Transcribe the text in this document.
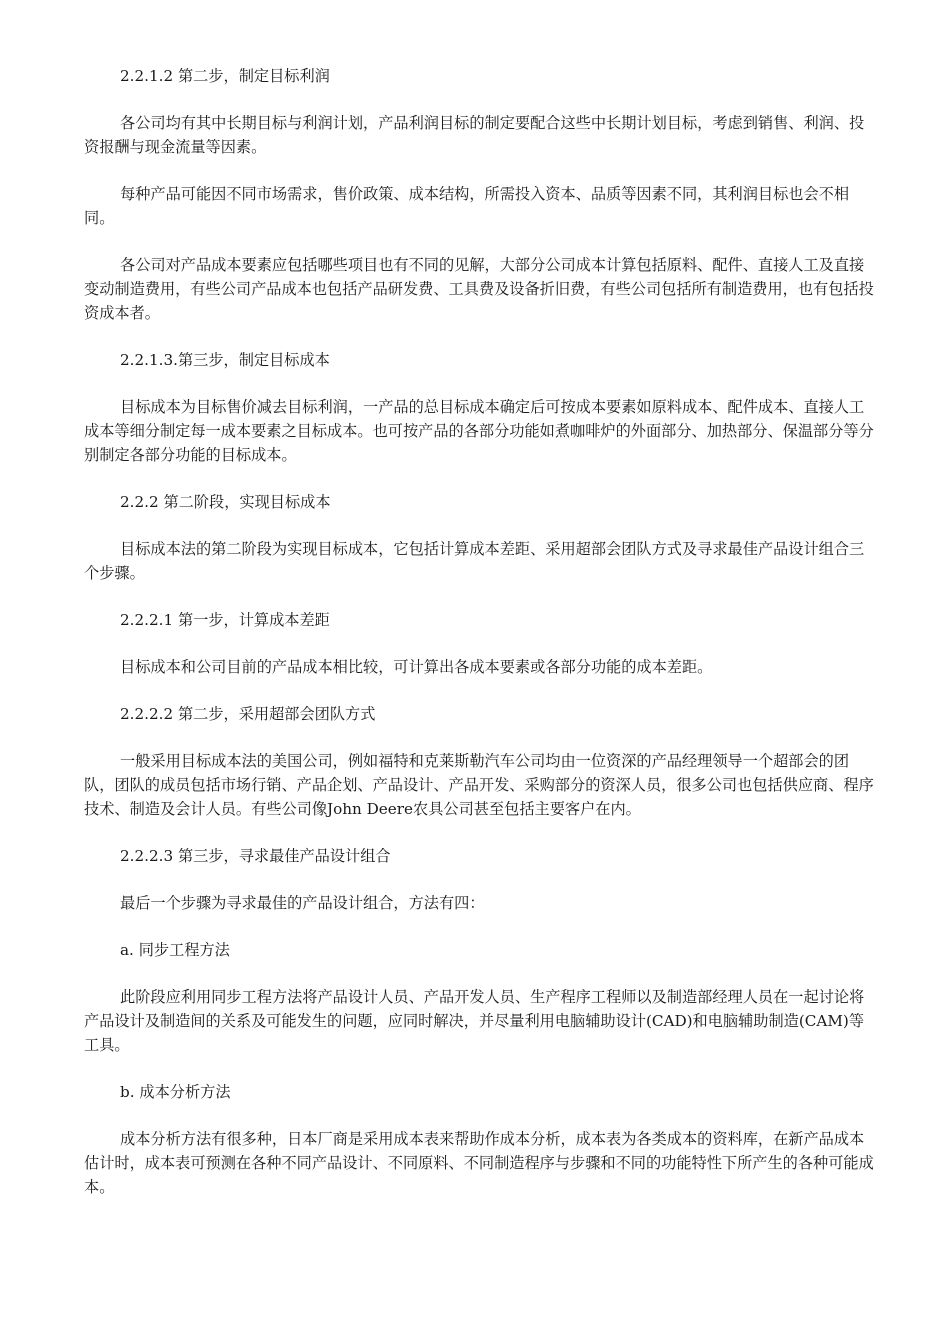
2.2.1.2 第二步，制定目标利润
各公司均有其中长期目标与利润计划，产品利润目标的制定要配合这些中长期计划目标，考虑到销售、利润、投资报酬与现金流量等因素。
每种产品可能因不同市场需求，售价政策、成本结构，所需投入资本、品质等因素不同，其利润目标也会不相同。
各公司对产品成本要素应包括哪些项目也有不同的见解，大部分公司成本计算包括原料、配件、直接人工及直接变动制造费用，有些公司产品成本也包括产品研发费、工具费及设备折旧费，有些公司包括所有制造费用，也有包括投资成本者。
2.2.1.3.第三步，制定目标成本
目标成本为目标售价减去目标利润，一产品的总目标成本确定后可按成本要素如原料成本、配件成本、直接人工成本等细分制定每一成本要素之目标成本。也可按产品的各部分功能如煮咖啡炉的外面部分、加热部分、保温部分等分别制定各部分功能的目标成本。
2.2.2 第二阶段，实现目标成本
目标成本法的第二阶段为实现目标成本，它包括计算成本差距、采用超部会团队方式及寻求最佳产品设计组合三个步骤。
2.2.2.1 第一步，计算成本差距
目标成本和公司目前的产品成本相比较，可计算出各成本要素或各部分功能的成本差距。
2.2.2.2 第二步，采用超部会团队方式
一般采用目标成本法的美国公司，例如福特和克莱斯勒汽车公司均由一位资深的产品经理领导一个超部会的团队，团队的成员包括市场行销、产品企划、产品设计、产品开发、采购部分的资深人员，很多公司也包括供应商、程序技术、制造及会计人员。有些公司像John Deere农具公司甚至包括主要客户在内。
2.2.2.3 第三步，寻求最佳产品设计组合
最后一个步骤为寻求最佳的产品设计组合，方法有四：
a. 同步工程方法
此阶段应利用同步工程方法将产品设计人员、产品开发人员、生产程序工程师以及制造部经理人员在一起讨论将产品设计及制造间的关系及可能发生的问题，应同时解决，并尽量利用电脑辅助设计(CAD)和电脑辅助制造(CAM)等工具。
b. 成本分析方法
成本分析方法有很多种，日本厂商是采用成本表来帮助作成本分析，成本表为各类成本的资料库，在新产品成本估计时，成本表可预测在各种不同产品设计、不同原料、不同制造程序与步骤和不同的功能特性下所产生的各种可能成本。
